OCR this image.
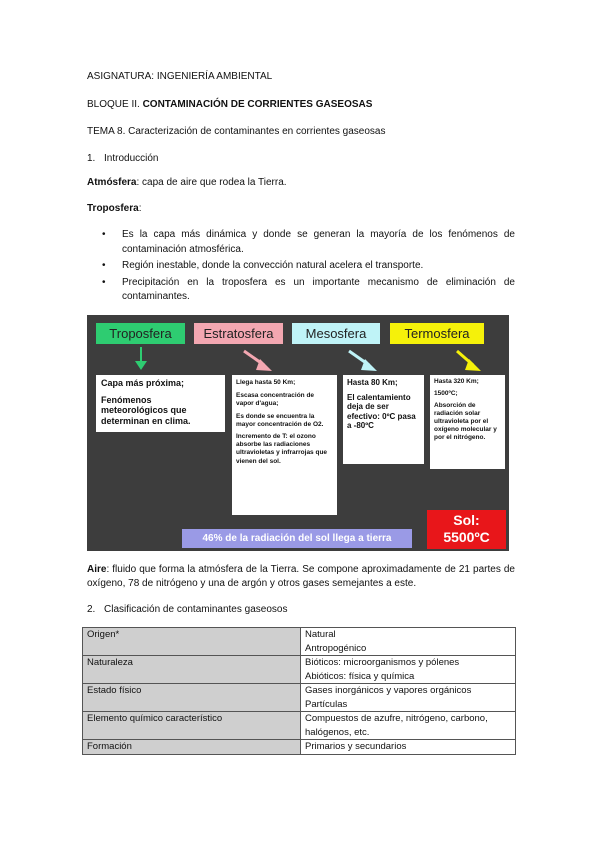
ASIGNATURA: INGENIERÍA AMBIENTAL
BLOQUE II. CONTAMINACIÓN DE CORRIENTES GASEOSAS
TEMA 8. Caracterización de contaminantes en corrientes gaseosas
1. Introducción
Atmósfera: capa de aire que rodea la Tierra.
Troposfera:
• Es la capa más dinámica y donde se generan la mayoría de los fenómenos de contaminación atmosférica.
• Región inestable, donde la convección natural acelera el transporte.
• Precipitación en la troposfera es un importante mecanismo de eliminación de contaminantes.
Troposfera	Estratosfera	Mesosfera	Termosfera

Capa más próxima;

Fenómenos meteorológicos que determinan en clima.

Llega hasta 50 Km;

Escasa concentración de vapor d'agua;

Es donde se encuentra la mayor concentración de O2.

Incremento de T: el ozono absorbe las radiaciones ultravioletas y infrarrojas que vienen del sol.

Hasta 80 Km;

El calentamiento deja de ser efectivo: 0ºC pasa a -80ºC

Hasta 320 Km;

1500ºC;

Absorción de radiación solar ultravioleta por el oxígeno molecular y por el nitrógeno.

46% de la radiación del sol llega a tierra
Sol:
5500ºC
Aire: fluido que forma la atmósfera de la Tierra. Se compone aproximadamente de 21 partes de oxígeno, 78 de nitrógeno y una de argón y otros gases semejantes a este.
2. Clasificación de contaminantes gaseosos
Origen*	Natural
Antropogénico

Naturaleza	Bióticos: microorganismos y pólenes
Abióticos: física y química

Estado físico	Gases inorgánicos y vapores orgánicos
Partículas

Elemento químico característico	Compuestos de azufre, nitrógeno, carbono, halógenos, etc.

Formación	Primarios y secundarios
